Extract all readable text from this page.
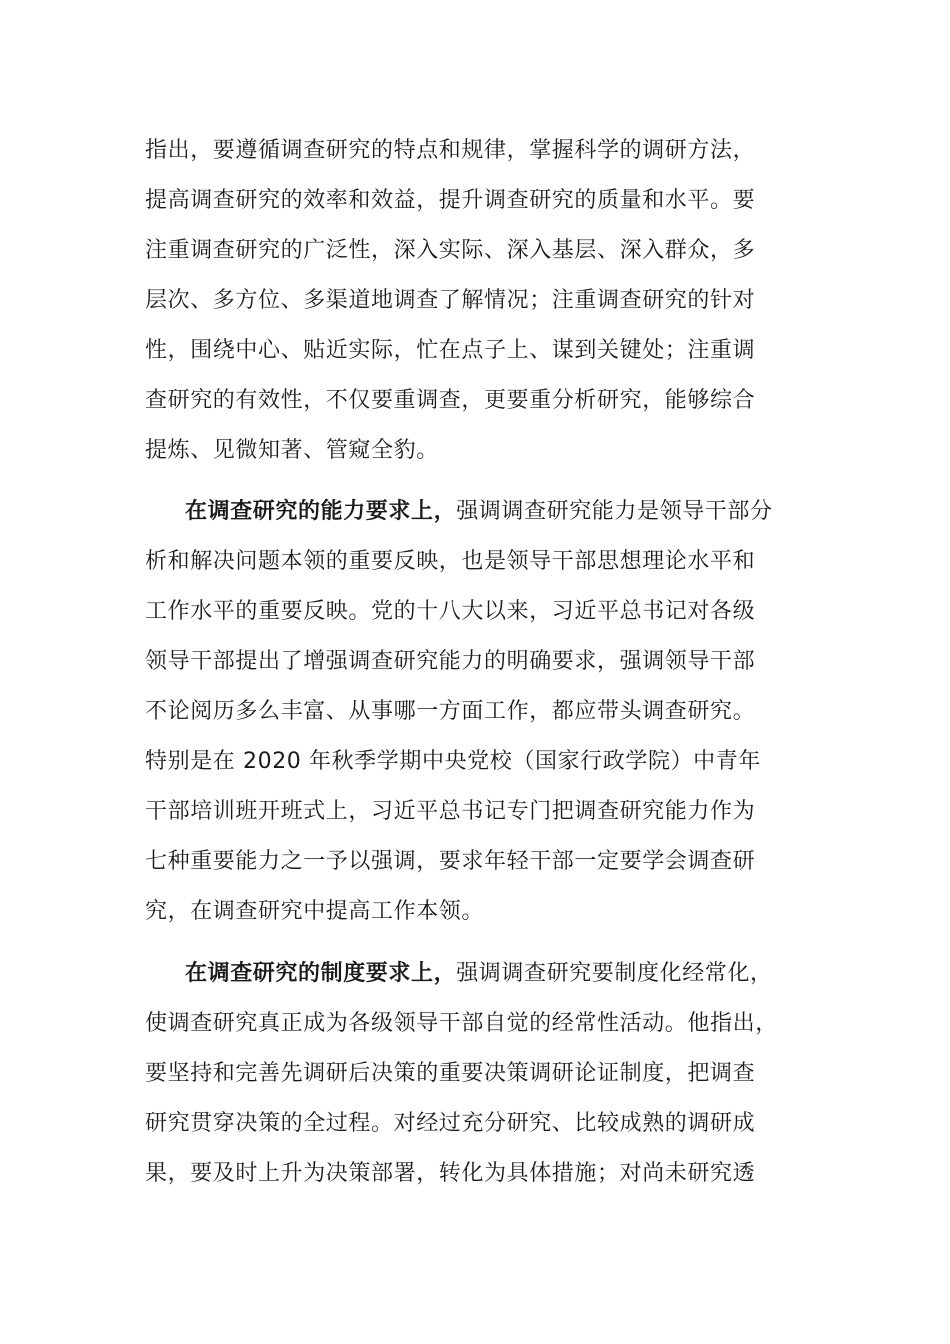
指出，要遵循调查研究的特点和规律，掌握科学的调研方法，
提高调查研究的效率和效益，提升调查研究的质量和水平。要
注重调查研究的广泛性，深入实际、深入基层、深入群众，多
层次、多方位、多渠道地调查了解情况；注重调查研究的针对
性，围绕中心、贴近实际，忙在点子上、谋到关键处；注重调
查研究的有效性，不仅要重调查，更要重分析研究，能够综合
提炼、见微知著、管窥全豹。
在调查研究的能力要求上，强调调查研究能力是领导干部分
析和解决问题本领的重要反映，也是领导干部思想理论水平和
工作水平的重要反映。党的十八大以来，习近平总书记对各级
领导干部提出了增强调查研究能力的明确要求，强调领导干部
不论阅历多么丰富、从事哪一方面工作，都应带头调查研究。
特别是在 2020 年秋季学期中央党校（国家行政学院）中青年
干部培训班开班式上，习近平总书记专门把调查研究能力作为
七种重要能力之一予以强调，要求年轻干部一定要学会调查研
究，在调查研究中提高工作本领。
在调查研究的制度要求上，强调调查研究要制度化经常化，
使调查研究真正成为各级领导干部自觉的经常性活动。他指出，
要坚持和完善先调研后决策的重要决策调研论证制度，把调查
研究贯穿决策的全过程。对经过充分研究、比较成熟的调研成
果，要及时上升为决策部署，转化为具体措施；对尚未研究透
